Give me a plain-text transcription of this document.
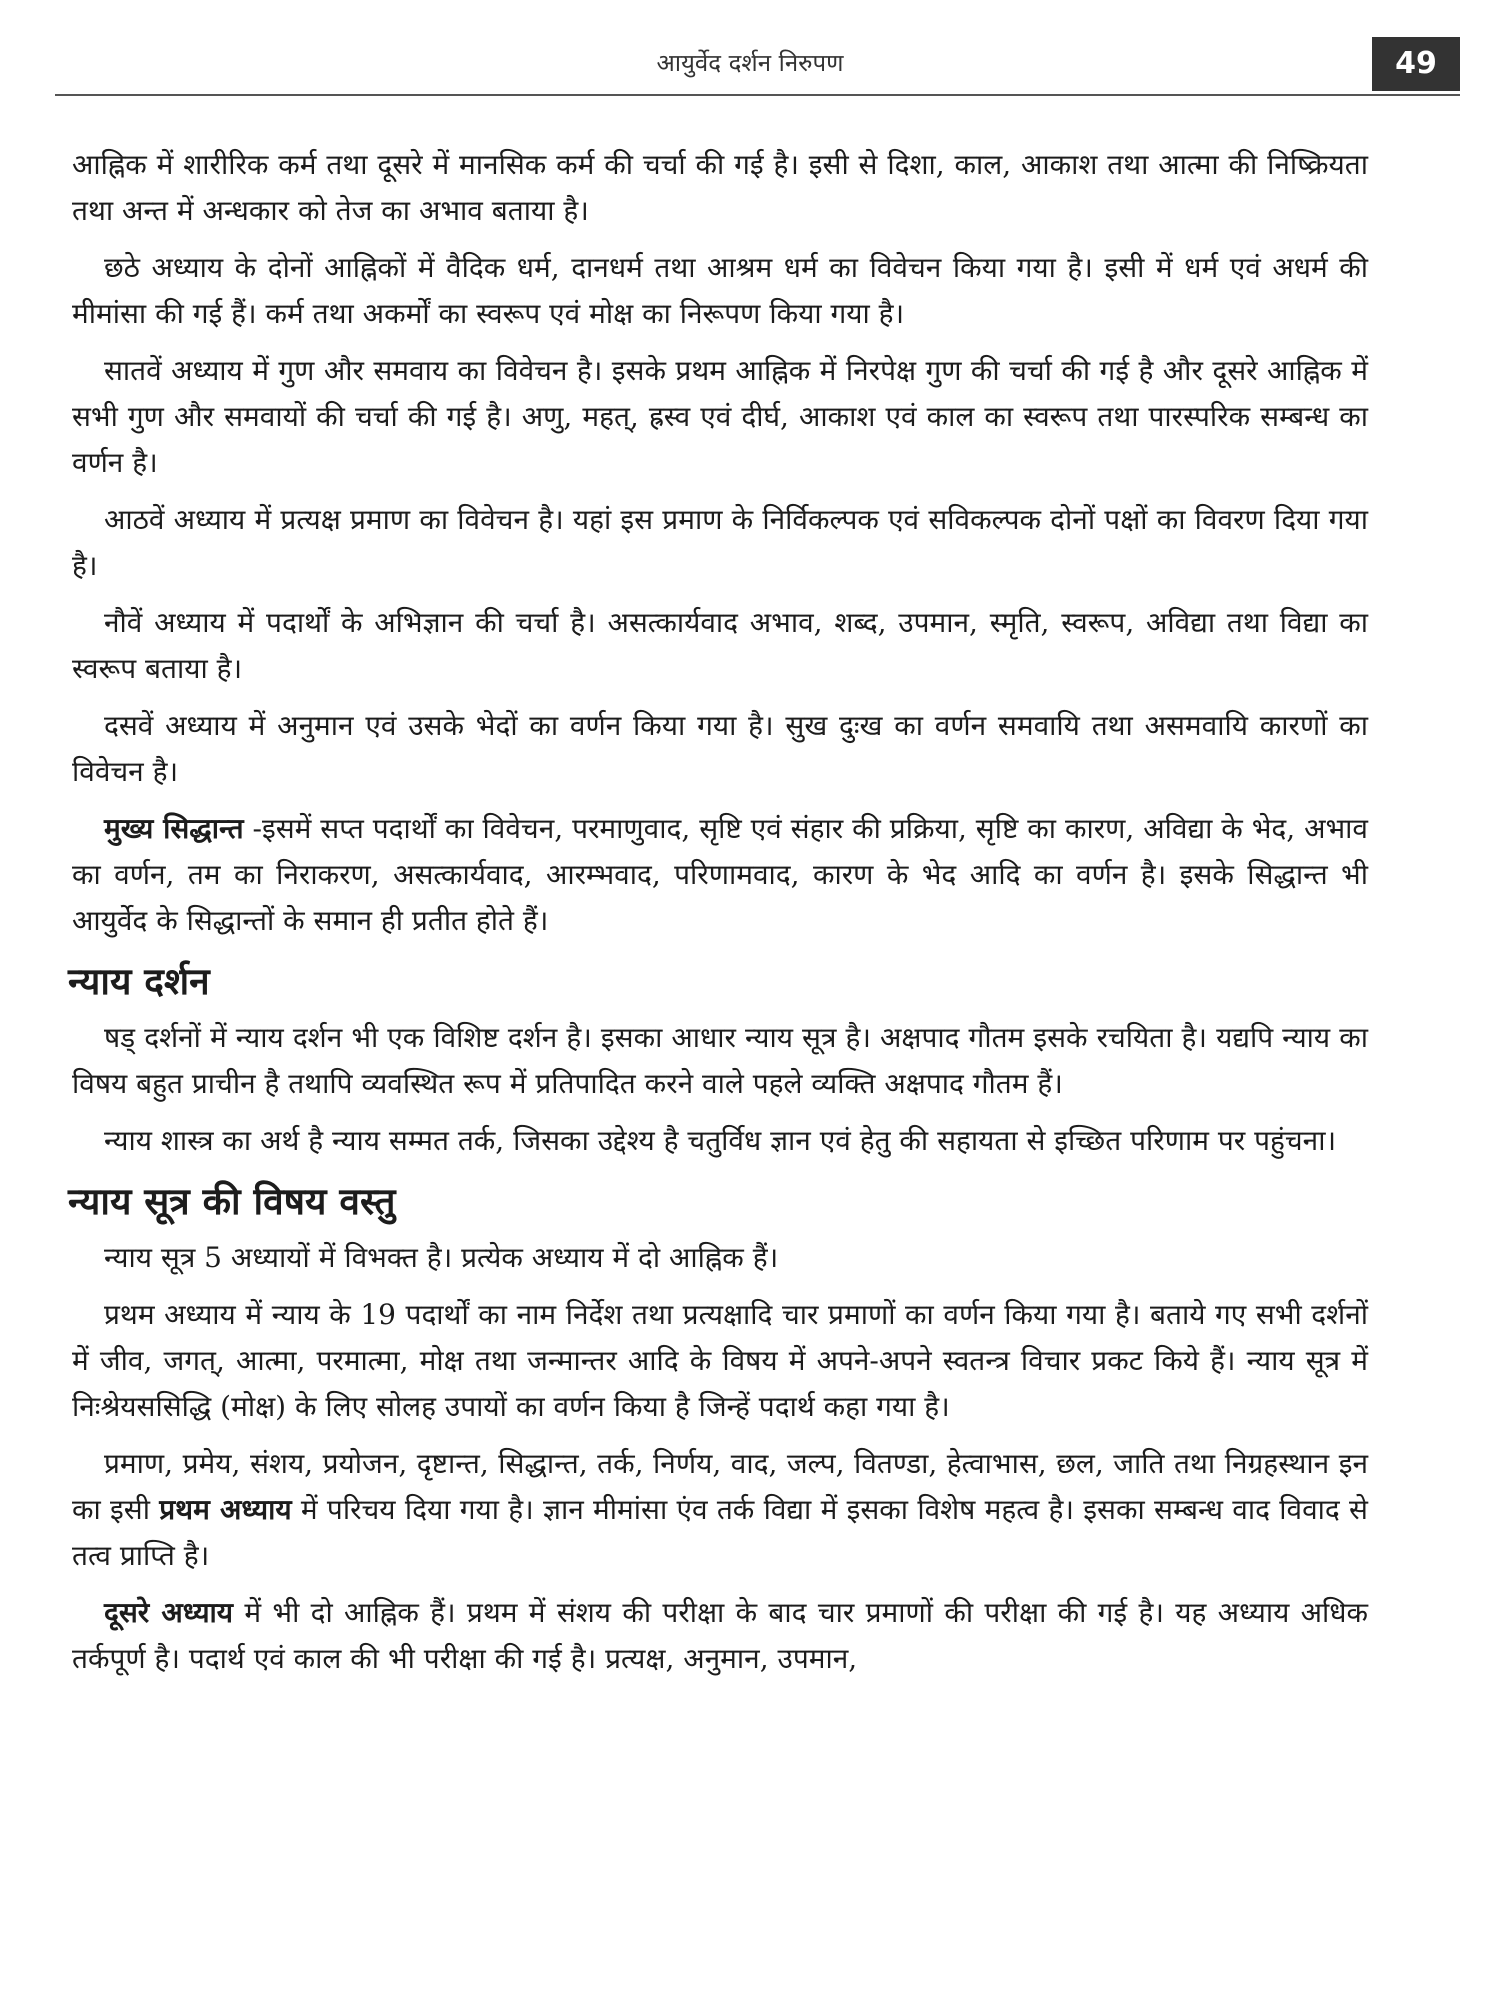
आयुर्वेद दर्शन निरुपण	49

आह्निक में शारीरिक कर्म तथा दूसरे में मानसिक कर्म की चर्चा की गई है। इसी से दिशा, काल, आकाश तथा आत्मा की निष्क्रियता तथा अन्त में अन्धकार को तेज का अभाव बताया है।

छठे अध्याय के दोनों आह्निकों में वैदिक धर्म, दानधर्म तथा आश्रम धर्म का विवेचन किया गया है। इसी में धर्म एवं अधर्म की मीमांसा की गई हैं। कर्म तथा अकर्मों का स्वरूप एवं मोक्ष का निरूपण किया गया है।

सातवें अध्याय में गुण और समवाय का विवेचन है। इसके प्रथम आह्निक में निरपेक्ष गुण की चर्चा की गई है और दूसरे आह्निक में सभी गुण और समवायों की चर्चा की गई है। अणु, महत्, ह्रस्व एवं दीर्घ, आकाश एवं काल का स्वरूप तथा पारस्परिक सम्बन्ध का वर्णन है।

आठवें अध्याय में प्रत्यक्ष प्रमाण का विवेचन है। यहां इस प्रमाण के निर्विकल्पक एवं सविकल्पक दोनों पक्षों का विवरण दिया गया है।

नौवें अध्याय में पदार्थों के अभिज्ञान की चर्चा है। असत्कार्यवाद अभाव, शब्द, उपमान, स्मृति, स्वरूप, अविद्या तथा विद्या का स्वरूप बताया है।

दसवें अध्याय में अनुमान एवं उसके भेदों का वर्णन किया गया है। सुख दुःख का वर्णन समवायि तथा असमवायि कारणों का विवेचन है।

मुख्य सिद्धान्त -इसमें सप्त पदार्थों का विवेचन, परमाणुवाद, सृष्टि एवं संहार की प्रक्रिया, सृष्टि का कारण, अविद्या के भेद, अभाव का वर्णन, तम का निराकरण, असत्कार्यवाद, आरम्भवाद, परिणामवाद, कारण के भेद आदि का वर्णन है। इसके सिद्धान्त भी आयुर्वेद के सिद्धान्तों के समान ही प्रतीत होते हैं।

न्याय दर्शन

षड् दर्शनों में न्याय दर्शन भी एक विशिष्ट दर्शन है। इसका आधार न्याय सूत्र है। अक्षपाद गौतम इसके रचयिता है। यद्यपि न्याय का विषय बहुत प्राचीन है तथापि व्यवस्थित रूप में प्रतिपादित करने वाले पहले व्यक्ति अक्षपाद गौतम हैं।

न्याय शास्त्र का अर्थ है न्याय सम्मत तर्क, जिसका उद्देश्य है चतुर्विध ज्ञान एवं हेतु की सहायता से इच्छित परिणाम पर पहुंचना।

न्याय सूत्र की विषय वस्तु

न्याय सूत्र 5 अध्यायों में विभक्त है। प्रत्येक अध्याय में दो आह्निक हैं।

प्रथम अध्याय में न्याय के 19 पदार्थों का नाम निर्देश तथा प्रत्यक्षादि चार प्रमाणों का वर्णन किया गया है। बताये गए सभी दर्शनों में जीव, जगत्, आत्मा, परमात्मा, मोक्ष तथा जन्मान्तर आदि के विषय में अपने-अपने स्वतन्त्र विचार प्रकट किये हैं। न्याय सूत्र में निःश्रेयससिद्धि (मोक्ष) के लिए सोलह उपायों का वर्णन किया है जिन्हें पदार्थ कहा गया है।

प्रमाण, प्रमेय, संशय, प्रयोजन, दृष्टान्त, सिद्धान्त, तर्क, निर्णय, वाद, जल्प, वितण्डा, हेत्वाभास, छल, जाति तथा निग्रहस्थान इन का इसी प्रथम अध्याय में परिचय दिया गया है। ज्ञान मीमांसा एंव तर्क विद्या में इसका विशेष महत्व है। इसका सम्बन्ध वाद विवाद से तत्व प्राप्ति है।

दूसरे अध्याय में भी दो आह्निक हैं। प्रथम में संशय की परीक्षा के बाद चार प्रमाणों की परीक्षा की गई है। यह अध्याय अधिक तर्कपूर्ण है। पदार्थ एवं काल की भी परीक्षा की गई है। प्रत्यक्ष, अनुमान, उपमान,
